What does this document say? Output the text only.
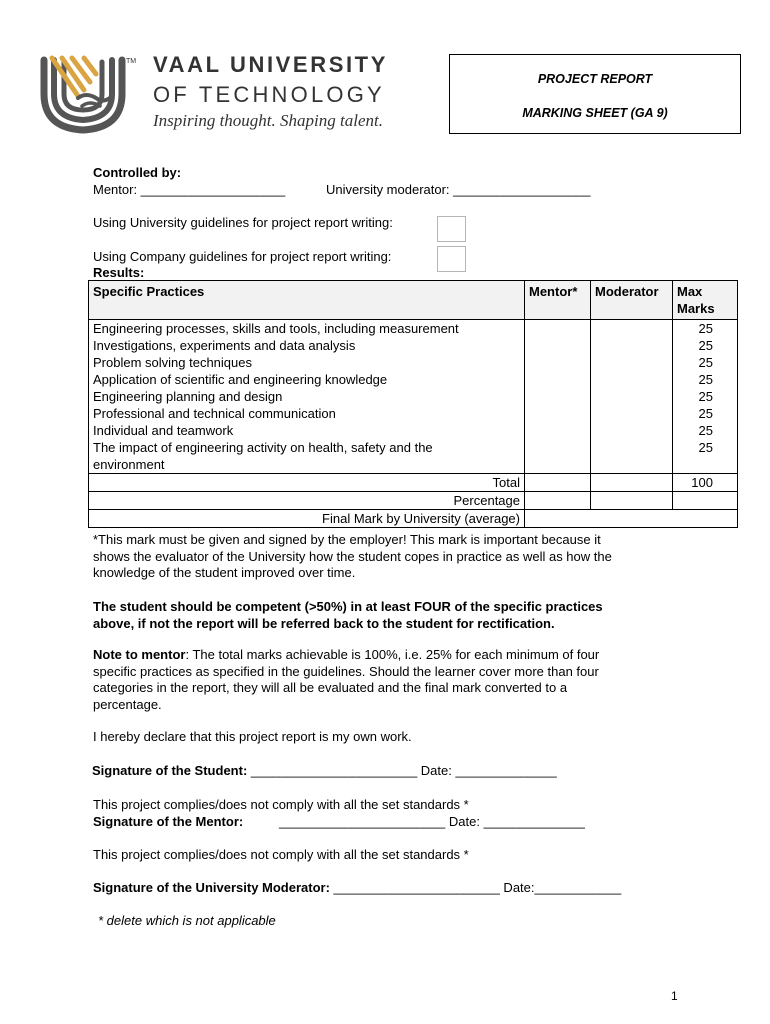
TM VAAL UNIVERSITY
OF TECHNOLOGY
Inspiring thought. Shaping talent.
PROJECT REPORT
MARKING SHEET (GA 9)
Controlled by:
Mentor: ____________________	University moderator: ___________________
Using University guidelines for project report writing:
Using Company guidelines for project report writing:
Results:
Specific Practices	Mentor*	Moderator	Max
Marks
Engineering processes, skills and tools, including measurement			25
Investigations, experiments and data analysis			25
Problem solving techniques			25
Application of scientific and engineering knowledge			25
Engineering planning and design			25
Professional and technical communication			25
Individual and teamwork			25
The impact of engineering activity on health, safety and the
environment			25
Total			100
Percentage			
Final Mark by University (average)			
*This mark must be given and signed by the employer! This mark is important because it
shows the evaluator of the University how the student copes in practice as well as how the
knowledge of the student improved over time.
The student should be competent (>50%) in at least FOUR of the specific practices
above, if not the report will be referred back to the student for rectification.
Note to mentor: The total marks achievable is 100%, i.e. 25% for each minimum of four
specific practices as specified in the guidelines. Should the learner cover more than four
categories in the report, they will all be evaluated and the final mark converted to a
percentage.
I hereby declare that this project report is my own work.
Signature of the Student: _______________________ Date: ______________
This project complies/does not comply with all the set standards *
Signature of the Mentor:	_______________________ Date: ______________
This project complies/does not comply with all the set standards *
Signature of the University Moderator: _______________________ Date:____________
* delete which is not applicable
1
